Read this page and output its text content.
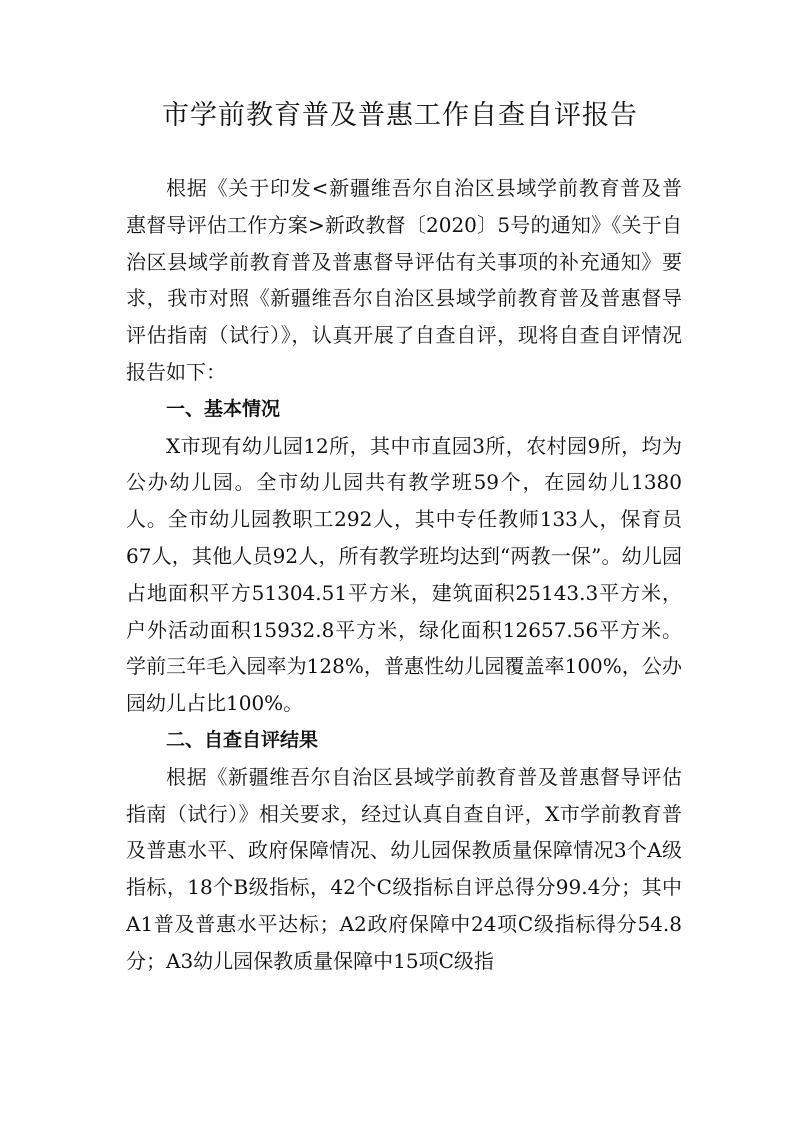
市学前教育普及普惠工作自查自评报告

根据《关于印发<新疆维吾尔自治区县域学前教育普及普惠督导评估工作方案>新政教督〔2020〕5号的通知》《关于自治区县域学前教育普及普惠督导评估有关事项的补充通知》要求，我市对照《新疆维吾尔自治区县域学前教育普及普惠督导评估指南（试行）》，认真开展了自查自评，现将自查自评情况报告如下：

一、基本情况

X市现有幼儿园12所，其中市直园3所，农村园9所，均为公办幼儿园。全市幼儿园共有教学班59个，在园幼儿1380人。全市幼儿园教职工292人，其中专任教师133人，保育员67人，其他人员92人，所有教学班均达到“两教一保”。幼儿园占地面积平方51304.51平方米，建筑面积25143.3平方米，户外活动面积15932.8平方米，绿化面积12657.56平方米。学前三年毛入园率为128%，普惠性幼儿园覆盖率100%，公办园幼儿占比100%。

二、自查自评结果

根据《新疆维吾尔自治区县域学前教育普及普惠督导评估指南（试行）》相关要求，经过认真自查自评，X市学前教育普及普惠水平、政府保障情况、幼儿园保教质量保障情况3个A级指标，18个B级指标，42个C级指标自评总得分99.4分；其中A1普及普惠水平达标；A2政府保障中24项C级指标得分54.8分；A3幼儿园保教质量保障中15项C级指
